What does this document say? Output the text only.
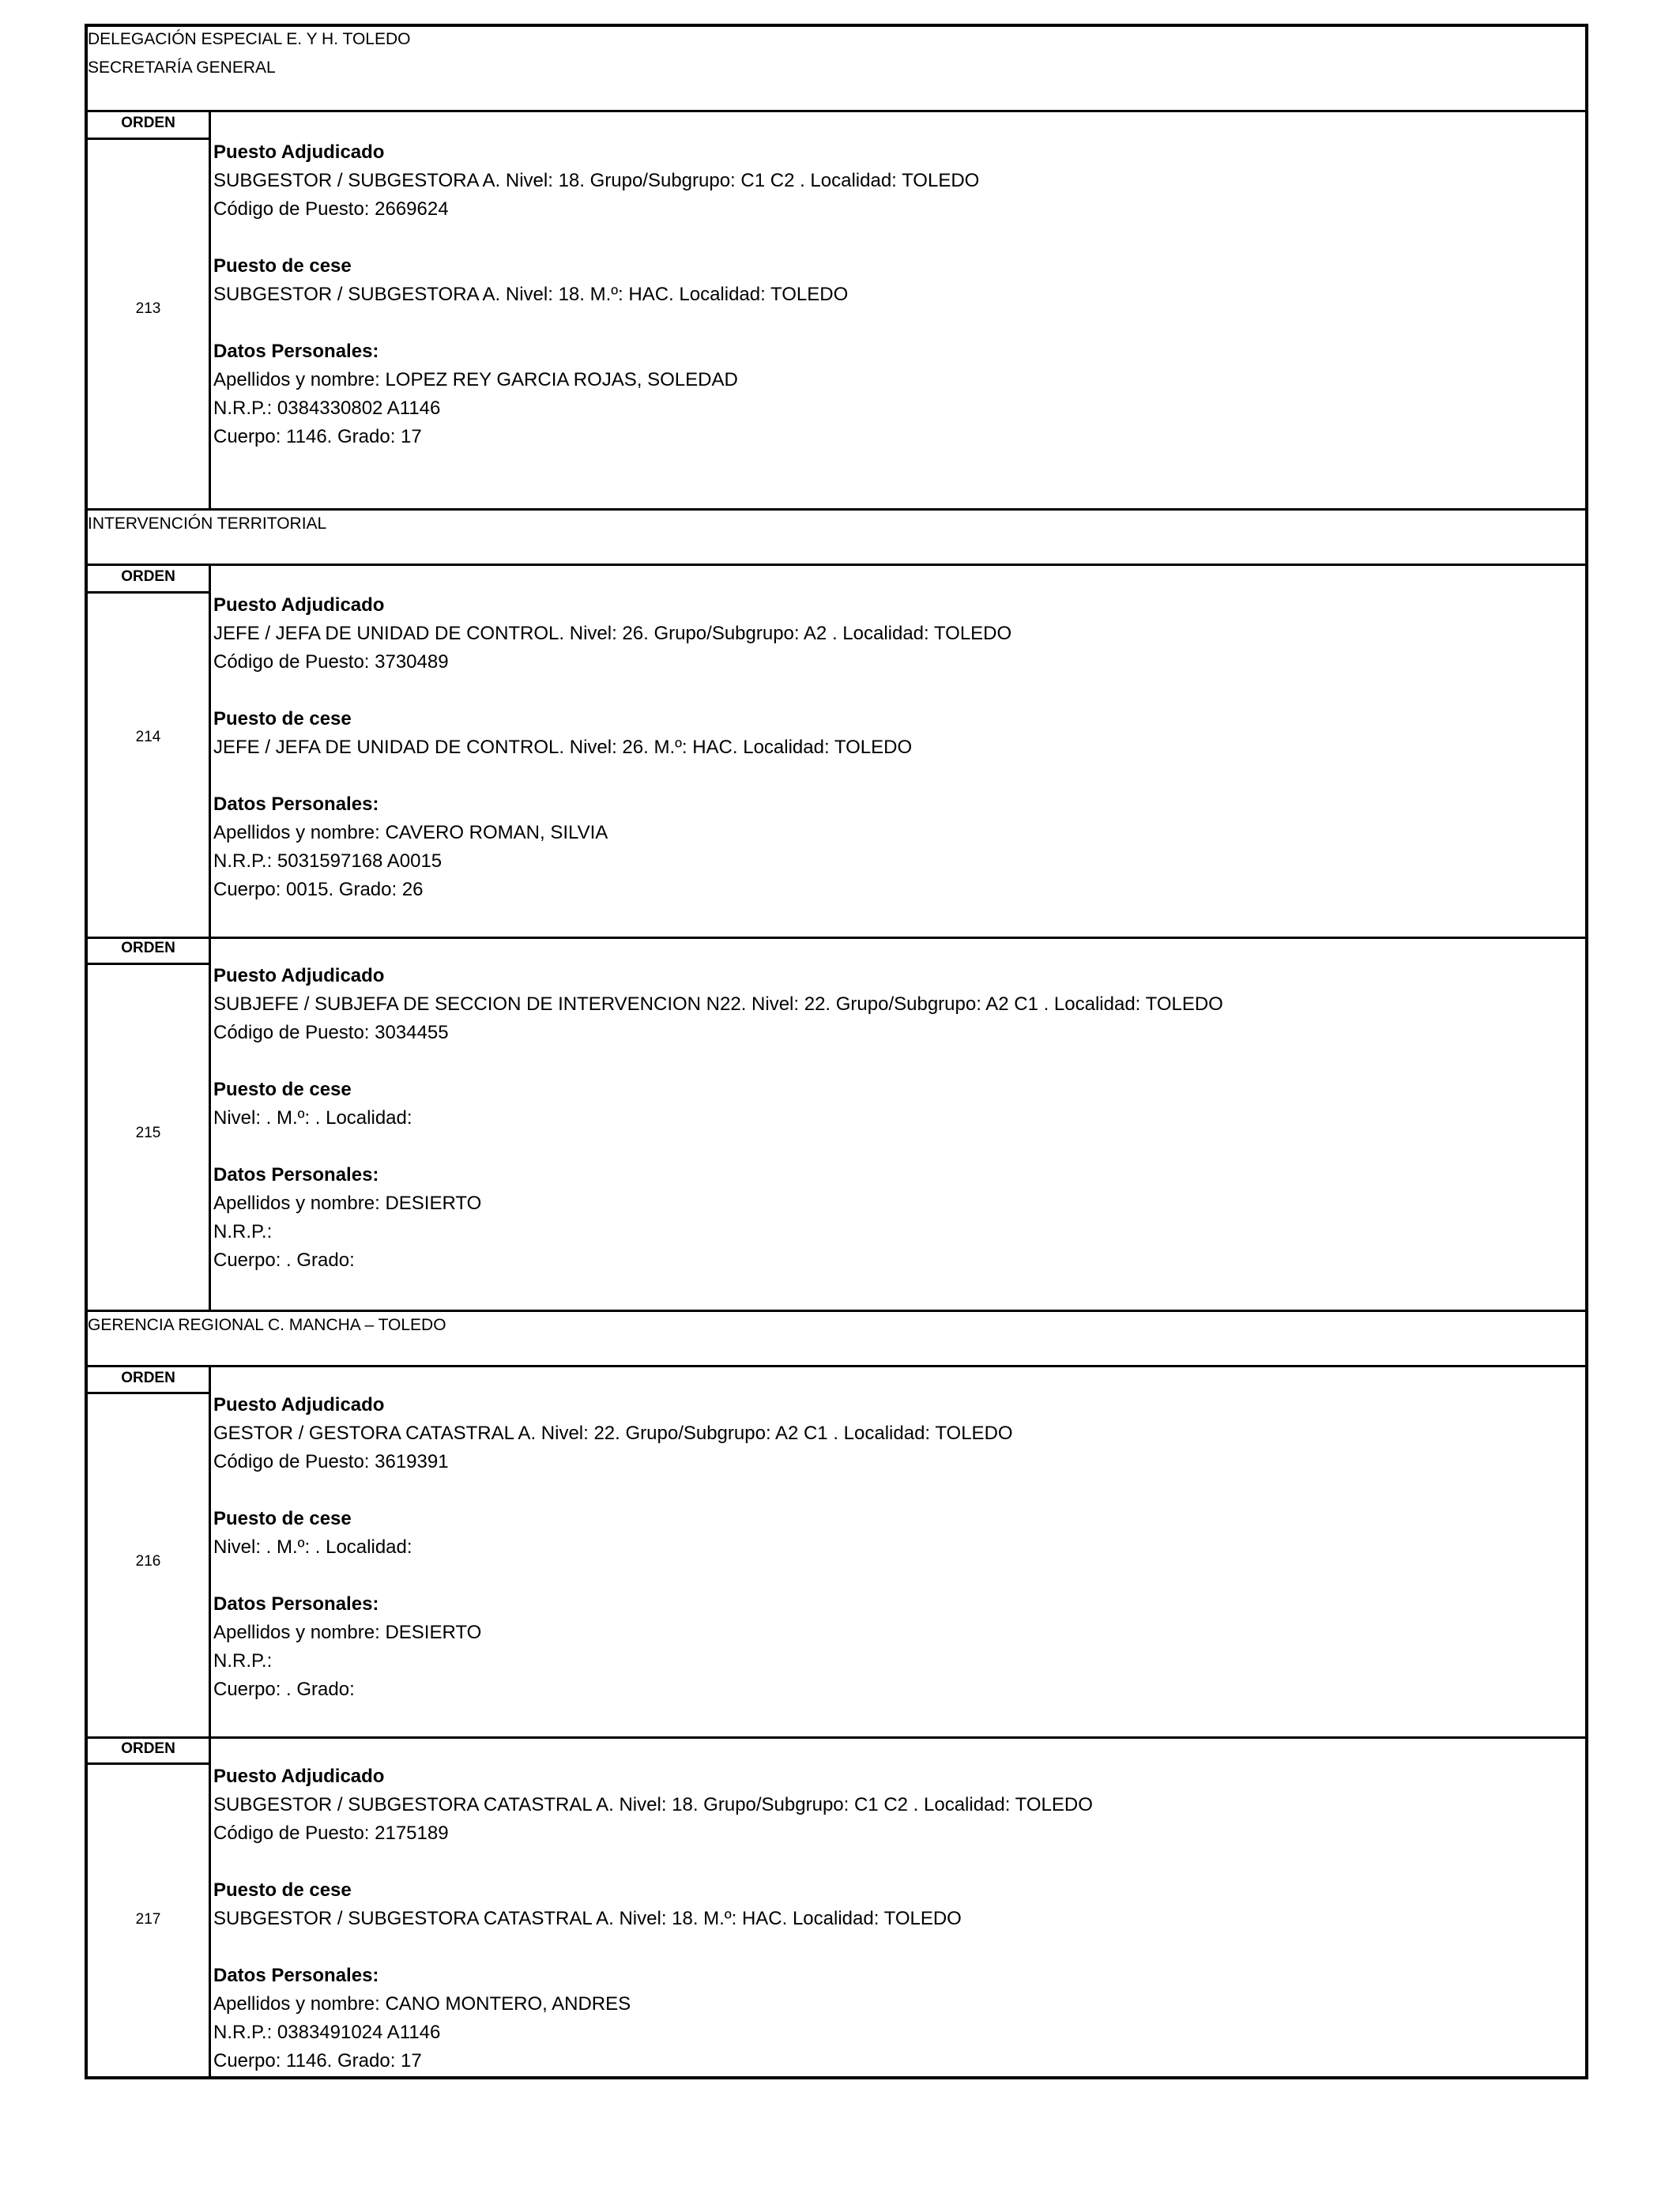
DELEGACIÓN ESPECIAL E. Y H. TOLEDO
SECRETARÍA GENERAL
ORDEN
213
Puesto Adjudicado
SUBGESTOR / SUBGESTORA A. Nivel: 18. Grupo/Subgrupo: C1 C2 . Localidad: TOLEDO
Código de Puesto: 2669624
Puesto de cese
SUBGESTOR / SUBGESTORA A. Nivel: 18. M.º: HAC. Localidad: TOLEDO
Datos Personales:
Apellidos y nombre: LOPEZ REY GARCIA ROJAS, SOLEDAD
N.R.P.: 0384330802 A1146
Cuerpo: 1146. Grado: 17
INTERVENCIÓN TERRITORIAL
ORDEN
214
Puesto Adjudicado
JEFE / JEFA DE UNIDAD DE CONTROL. Nivel: 26. Grupo/Subgrupo: A2 . Localidad: TOLEDO
Código de Puesto: 3730489
Puesto de cese
JEFE / JEFA DE UNIDAD DE CONTROL. Nivel: 26. M.º: HAC. Localidad: TOLEDO
Datos Personales:
Apellidos y nombre: CAVERO ROMAN, SILVIA
N.R.P.: 5031597168 A0015
Cuerpo: 0015. Grado: 26
ORDEN
215
Puesto Adjudicado
SUBJEFE / SUBJEFA DE SECCION DE INTERVENCION N22. Nivel: 22. Grupo/Subgrupo: A2 C1 . Localidad: TOLEDO
Código de Puesto: 3034455
Puesto de cese
Nivel: . M.º: . Localidad:
Datos Personales:
Apellidos y nombre: DESIERTO
N.R.P.:
Cuerpo: . Grado:
GERENCIA REGIONAL C. MANCHA – TOLEDO
ORDEN
216
Puesto Adjudicado
GESTOR / GESTORA CATASTRAL A. Nivel: 22. Grupo/Subgrupo: A2 C1 . Localidad: TOLEDO
Código de Puesto: 3619391
Puesto de cese
Nivel: . M.º: . Localidad:
Datos Personales:
Apellidos y nombre: DESIERTO
N.R.P.:
Cuerpo: . Grado:
ORDEN
217
Puesto Adjudicado
SUBGESTOR / SUBGESTORA CATASTRAL A. Nivel: 18. Grupo/Subgrupo: C1 C2 . Localidad: TOLEDO
Código de Puesto: 2175189
Puesto de cese
SUBGESTOR / SUBGESTORA CATASTRAL A. Nivel: 18. M.º: HAC. Localidad: TOLEDO
Datos Personales:
Apellidos y nombre: CANO MONTERO, ANDRES
N.R.P.: 0383491024 A1146
Cuerpo: 1146. Grado: 17
